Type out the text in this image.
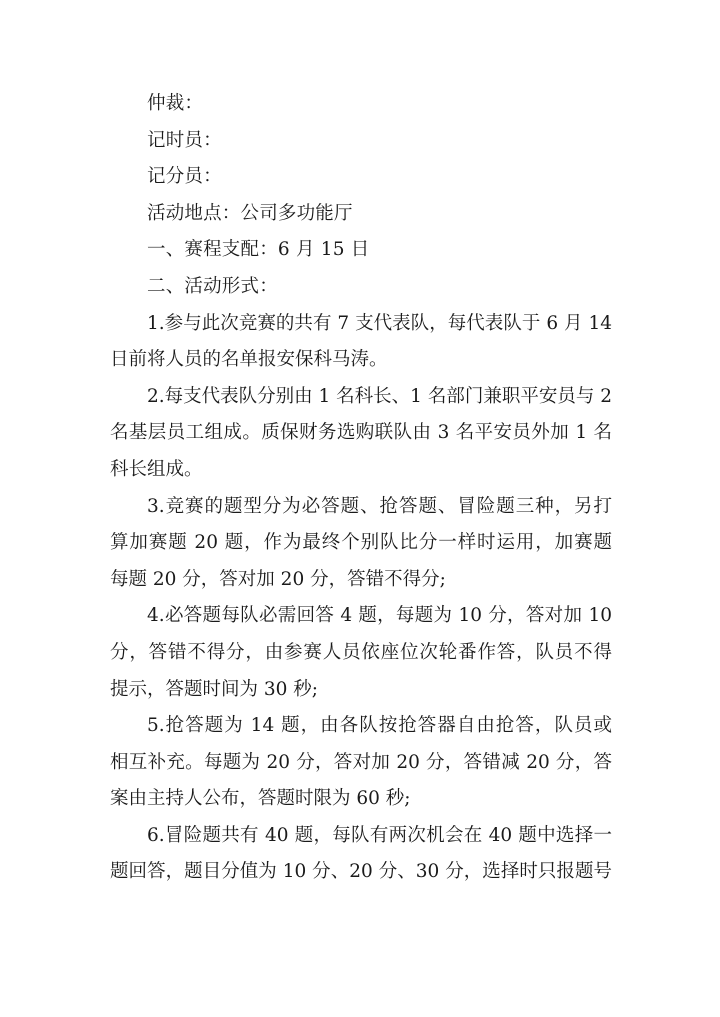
仲裁：
记时员：
记分员：
活动地点：公司多功能厅
一、赛程支配：6 月 15 日
二、活动形式：
1.参与此次竞赛的共有 7 支代表队，每代表队于 6 月 14
日前将人员的名单报安保科马涛。
2.每支代表队分别由 1 名科长、1 名部门兼职平安员与 2
名基层员工组成。质保财务选购联队由 3 名平安员外加 1 名
科长组成。
3.竞赛的题型分为必答题、抢答题、冒险题三种，另打
算加赛题 20 题，作为最终个别队比分一样时运用，加赛题
每题 20 分，答对加 20 分，答错不得分;
4.必答题每队必需回答 4 题，每题为 10 分，答对加 10
分，答错不得分，由参赛人员依座位次轮番作答，队员不得
提示，答题时间为 30 秒;
5.抢答题为 14 题，由各队按抢答器自由抢答，队员或
相互补充。每题为 20 分，答对加 20 分，答错减 20 分，答
案由主持人公布，答题时限为 60 秒;
6.冒险题共有 40 题，每队有两次机会在 40 题中选择一
题回答，题目分值为 10 分、20 分、30 分，选择时只报题号
